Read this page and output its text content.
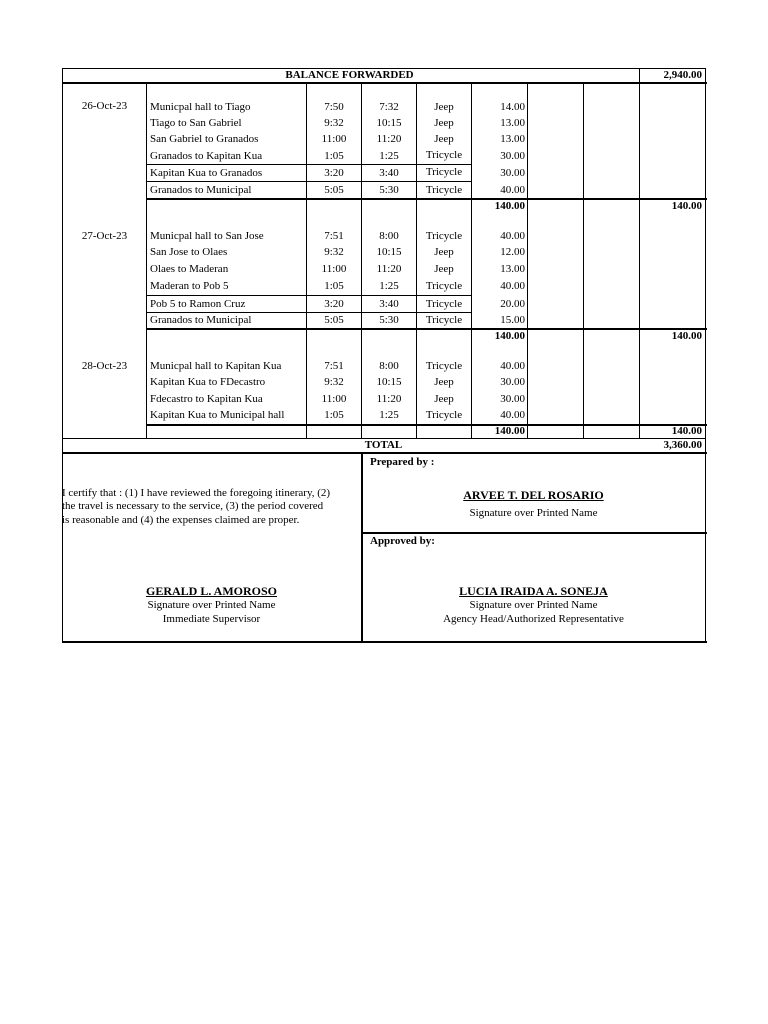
BALANCE FORWARDED	2,940.00
26-Oct-23	Municpal hall to Tiago	7:50	7:32	Jeep	14.00
Tiago to San Gabriel	9:32	10:15	Jeep	13.00
San Gabriel to Granados	11:00	11:20	Jeep	13.00
Granados to Kapitan Kua	1:05	1:25	Tricycle	30.00
Kapitan Kua to Granados	3:20	3:40	Tricycle	30.00
Granados to Municipal	5:05	5:30	Tricycle	40.00
140.00	140.00
27-Oct-23	Municpal hall to San Jose	7:51	8:00	Tricycle	40.00
San Jose to Olaes	9:32	10:15	Jeep	12.00
Olaes to Maderan	11:00	11:20	Jeep	13.00
Maderan to Pob 5	1:05	1:25	Tricycle	40.00
Pob 5 to Ramon Cruz	3:20	3:40	Tricycle	20.00
Granados to Municipal	5:05	5:30	Tricycle	15.00
140.00	140.00
28-Oct-23	Municpal hall to Kapitan Kua	7:51	8:00	Tricycle	40.00
Kapitan Kua to FDecastro	9:32	10:15	Jeep	30.00
Fdecastro to Kapitan Kua	11:00	11:20	Jeep	30.00
Kapitan Kua to Municipal hall	1:05	1:25	Tricycle	40.00
140.00	140.00
TOTAL	3,360.00
I certify that : (1) I have reviewed the foregoing itinerary, (2)
the travel is necessary to the service, (3) the period covered
is reasonable and (4) the expenses claimed are proper.
Prepared by :
ARVEE T. DEL ROSARIO
Signature over Printed Name
Approved by:
LUCIA IRAIDA A. SONEJA
Signature over Printed Name
Agency Head/Authorized Representative
GERALD L. AMOROSO
Signature over Printed Name
Immediate Supervisor
